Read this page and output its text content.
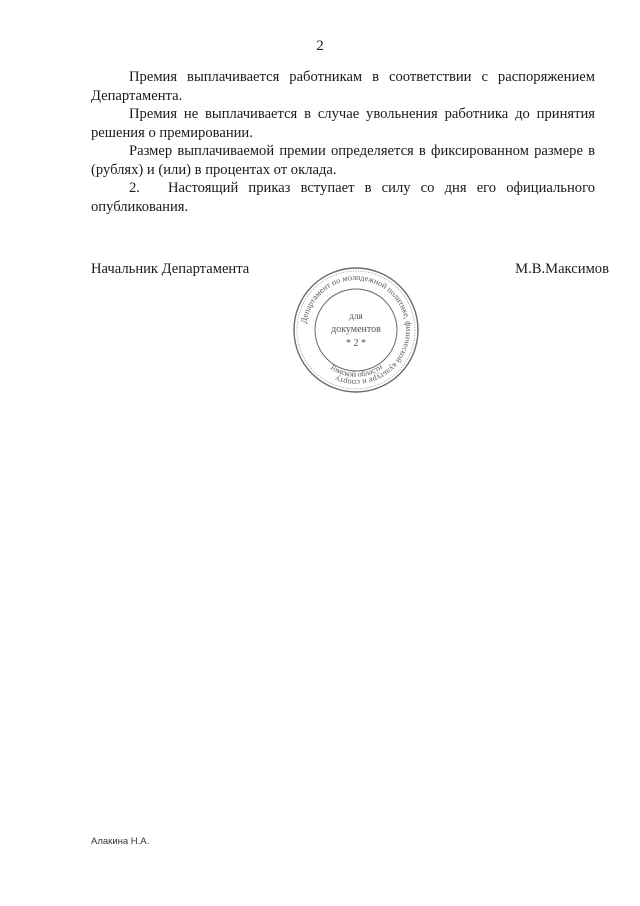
2

Премия выплачивается работникам в соответствии с распоряжением Департамента.

Премия не выплачивается в случае увольнения работника до принятия решения о премировании.

Размер выплачиваемой премии определяется в фиксированном размере в (рублях) и (или) в процентах от оклада.

2.	Настоящий приказ вступает в силу со дня его официального

опубликования.

Начальник Департамента	М.В.Максимов
Департамент по молодежной политике, физической культуре и спорту
Томской области
для
документов
* 2 *
Алакина Н.А.
